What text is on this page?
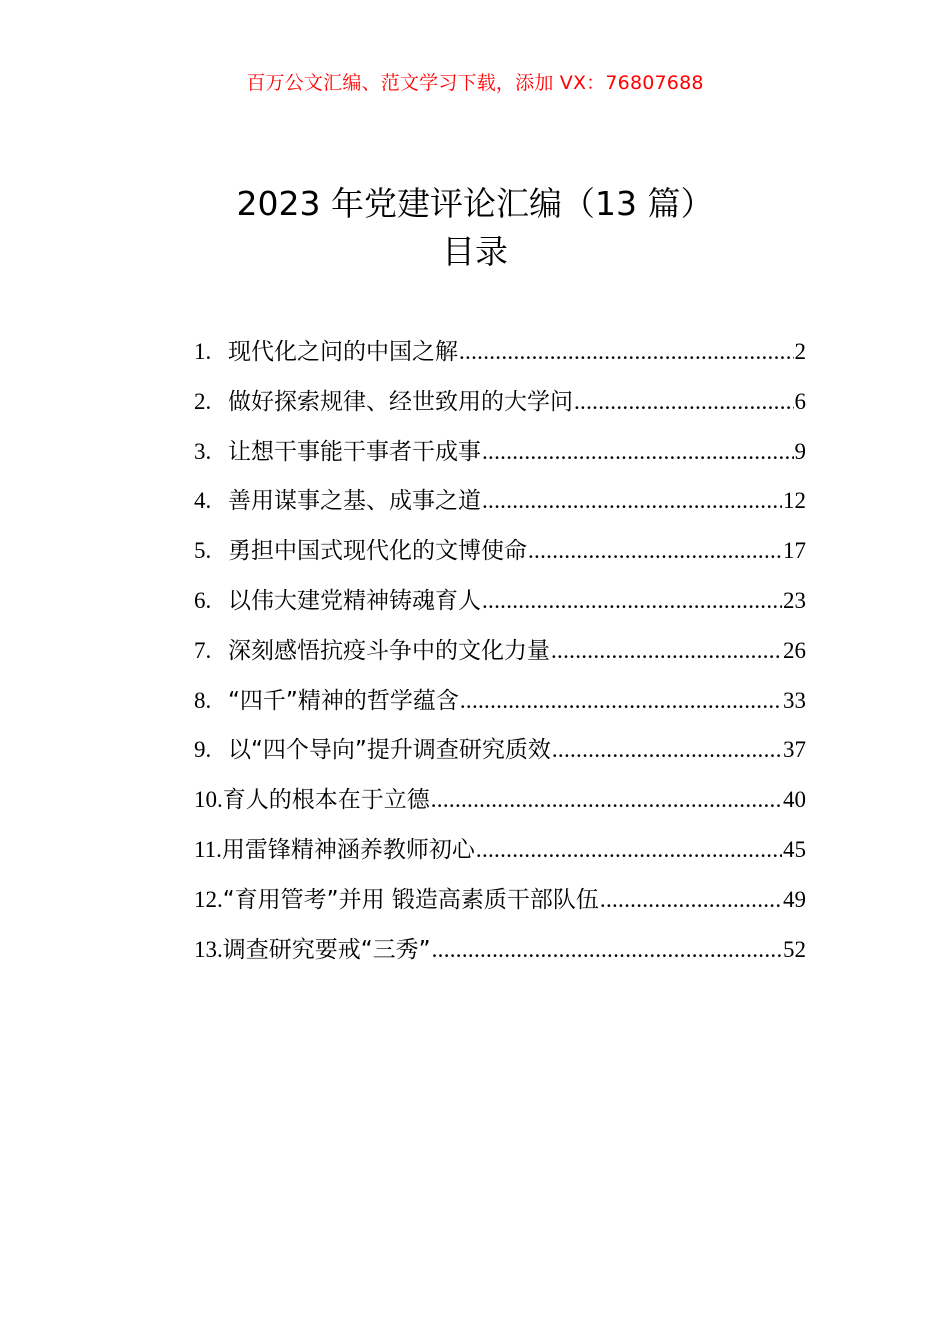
百万公文汇编、范文学习下载，添加 VX：76807688
2023 年党建评论汇编（13 篇）
目录
1. 现代化之问的中国之解 .....	2
2. 做好探索规律、经世致用的大学问 .....	6
3. 让想干事能干事者干成事 .....	9
4. 善用谋事之基、成事之道 .....	12
5. 勇担中国式现代化的文博使命 .....	17
6. 以伟大建党精神铸魂育人 .....	23
7. 深刻感悟抗疫斗争中的文化力量 .....	26
8. “四千”精神的哲学蕴含 .....	33
9. 以“四个导向”提升调查研究质效 .....	37
10. 育人的根本在于立德 .....	40
11. 用雷锋精神涵养教师初心 .....	45
12. “育用管考”并用 锻造高素质干部队伍 .....	49
13. 调查研究要戒“三秀” .....	52
